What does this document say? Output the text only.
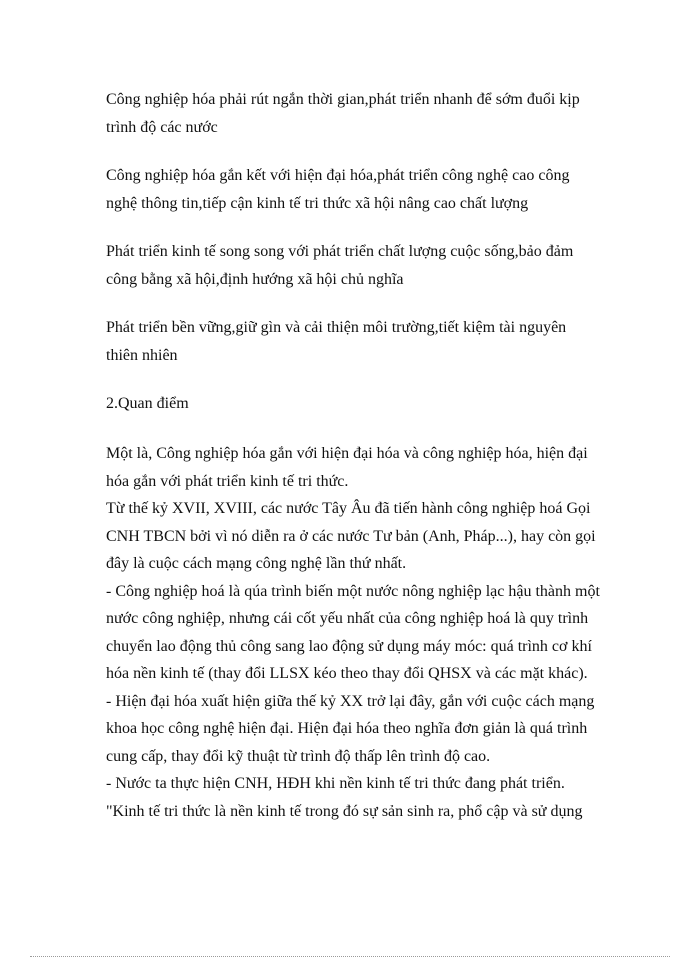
Công nghiệp hóa phải rút ngắn thời gian,phát triển nhanh để sớm đuổi kịp trình độ các nước

Công nghiệp hóa gắn kết với hiện đại hóa,phát triển công nghệ cao công nghệ thông tin,tiếp cận kinh tế tri thức xã hội nâng cao chất lượng

Phát triển kinh tế song song với phát triển chất lượng cuộc sống,bảo đảm công bằng xã hội,định hướng xã hội chủ nghĩa

Phát triển bền vững,giữ gìn và cải thiện môi trường,tiết kiệm tài nguyên thiên nhiên

2.Quan điểm

Một là, Công nghiệp hóa gắn với hiện đại hóa và công nghiệp hóa, hiện đại hóa gắn với phát triển kinh tế tri thức.

Từ thế kỷ XVII, XVIII, các nước Tây Âu đã tiến hành công nghiệp hoá Gọi CNH TBCN bởi vì nó diễn ra ở các nước Tư bản (Anh, Pháp...), hay còn gọi đây là cuộc cách mạng công nghệ lần thứ nhất.

- Công nghiệp hoá là qúa trình biến một nước nông nghiệp lạc hậu thành một nước công nghiệp, nhưng cái cốt yếu nhất của công nghiệp hoá là quy trình chuyển lao động thủ công sang lao động sử dụng máy móc: quá trình cơ khí hóa nền kinh tế (thay đổi LLSX kéo theo thay đổi QHSX và các mặt khác).

- Hiện đại hóa xuất hiện giữa thế kỷ XX trở lại đây, gắn với cuộc cách mạng khoa học công nghệ hiện đại. Hiện đại hóa theo nghĩa đơn giản là quá trình cung cấp, thay đổi kỹ thuật từ trình độ thấp lên trình độ cao.

- Nước ta thực hiện CNH, HĐH khi nền kinh tế tri thức đang phát triển.

"Kinh tế tri thức là nền kinh tế trong đó sự sản sinh ra, phổ cập và sử dụng
